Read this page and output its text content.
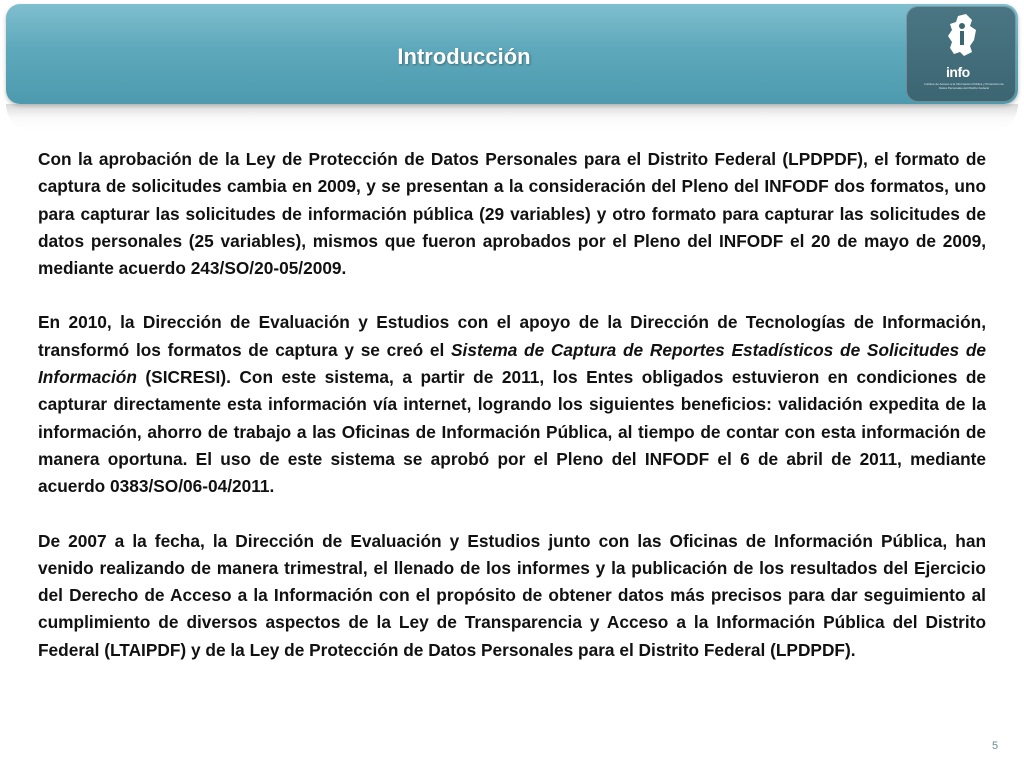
Introducción
info
Instituto de Acceso a la Información Pública y Protección de Datos Personales del Distrito Federal

Con la aprobación de la Ley de Protección de Datos Personales para el Distrito Federal (LPDPDF), el formato de captura de solicitudes cambia en 2009, y se presentan a la consideración del Pleno del INFODF dos formatos, uno para capturar las solicitudes de información pública (29 variables) y otro formato para capturar las solicitudes de datos personales (25 variables), mismos que fueron aprobados por el Pleno del INFODF el 20 de mayo de 2009, mediante acuerdo 243/SO/20-05/2009.

En 2010, la Dirección de Evaluación y Estudios con el apoyo de la Dirección de Tecnologías de Información, transformó los formatos de captura y se creó el Sistema de Captura de Reportes Estadísticos de Solicitudes de Información (SICRESI). Con este sistema, a partir de 2011, los Entes obligados estuvieron en condiciones de capturar directamente esta información vía internet, logrando los siguientes beneficios: validación expedita de la información, ahorro de trabajo a las Oficinas de Información Pública, al tiempo de contar con esta información de manera oportuna. El uso de este sistema se aprobó por el Pleno del INFODF el 6 de abril de 2011, mediante acuerdo 0383/SO/06-04/2011.

De 2007 a la fecha, la Dirección de Evaluación y Estudios junto con las Oficinas de Información Pública, han venido realizando de manera trimestral, el llenado de los informes y la publicación de los resultados del Ejercicio del Derecho de Acceso a la Información con el propósito de obtener datos más precisos para dar seguimiento al cumplimiento de diversos aspectos de la Ley de Transparencia y Acceso a la Información Pública del Distrito Federal (LTAIPDF) y de la Ley de Protección de Datos Personales para el Distrito Federal (LPDPDF).

5
